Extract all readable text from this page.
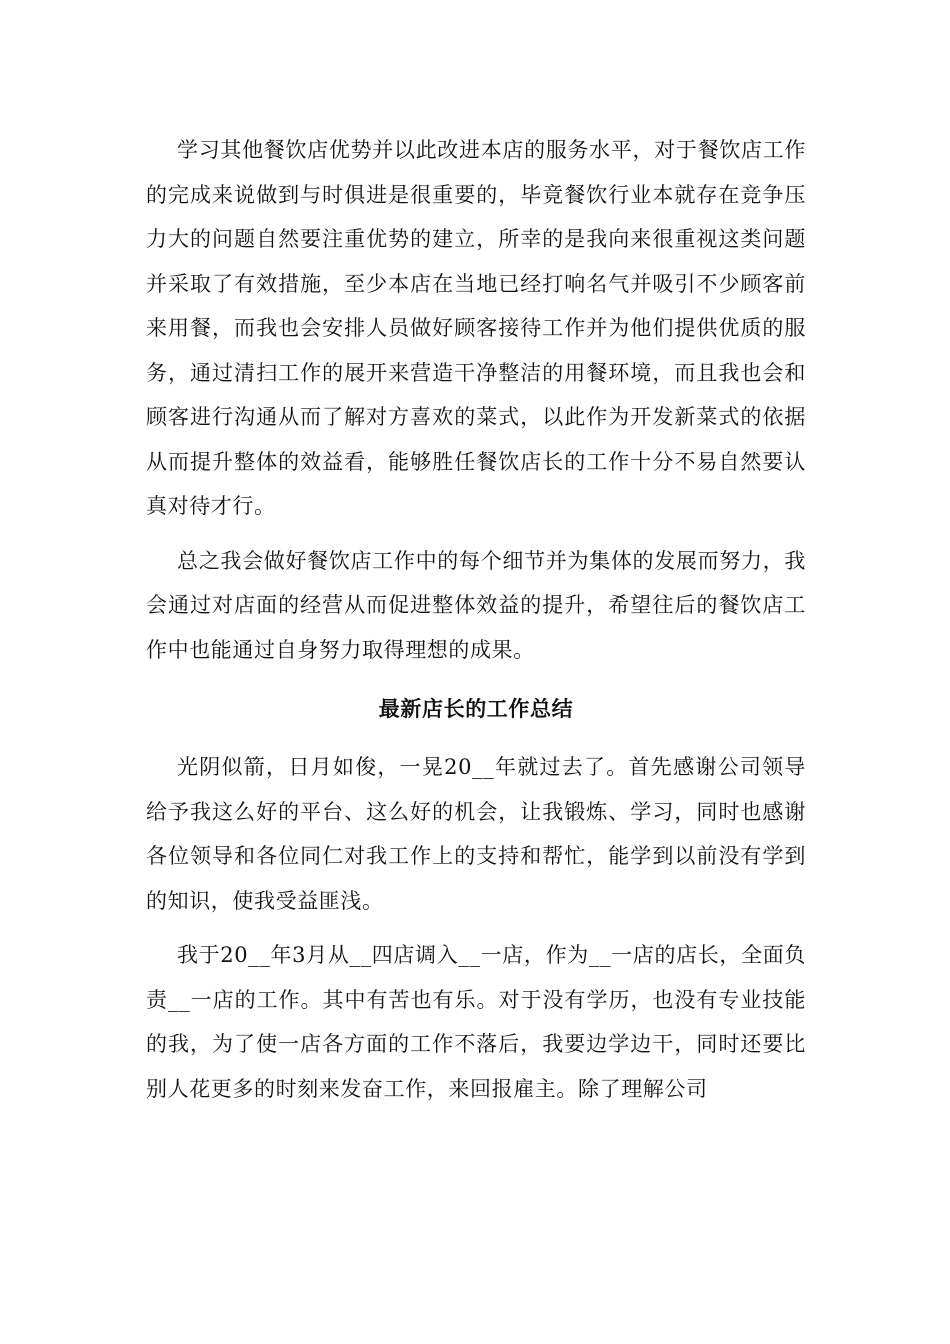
学习其他餐饮店优势并以此改进本店的服务水平，对于餐饮店工作的完成来说做到与时俱进是很重要的，毕竟餐饮行业本就存在竞争压力大的问题自然要注重优势的建立，所幸的是我向来很重视这类问题并采取了有效措施，至少本店在当地已经打响名气并吸引不少顾客前来用餐，而我也会安排人员做好顾客接待工作并为他们提供优质的服务，通过清扫工作的展开来营造干净整洁的用餐环境，而且我也会和顾客进行沟通从而了解对方喜欢的菜式，以此作为开发新菜式的依据从而提升整体的效益看，能够胜任餐饮店长的工作十分不易自然要认真对待才行。

总之我会做好餐饮店工作中的每个细节并为集体的发展而努力，我会通过对店面的经营从而促进整体效益的提升，希望往后的餐饮店工作中也能通过自身努力取得理想的成果。

最新店长的工作总结

光阴似箭，日月如俊，一晃20__年就过去了。首先感谢公司领导给予我这么好的平台、这么好的机会，让我锻炼、学习，同时也感谢各位领导和各位同仁对我工作上的支持和帮忙，能学到以前没有学到的知识，使我受益匪浅。

我于20__年3月从__四店调入__一店，作为__一店的店长，全面负责__一店的工作。其中有苦也有乐。对于没有学历，也没有专业技能的我，为了使一店各方面的工作不落后，我要边学边干，同时还要比别人花更多的时刻来发奋工作，来回报雇主。除了理解公司
